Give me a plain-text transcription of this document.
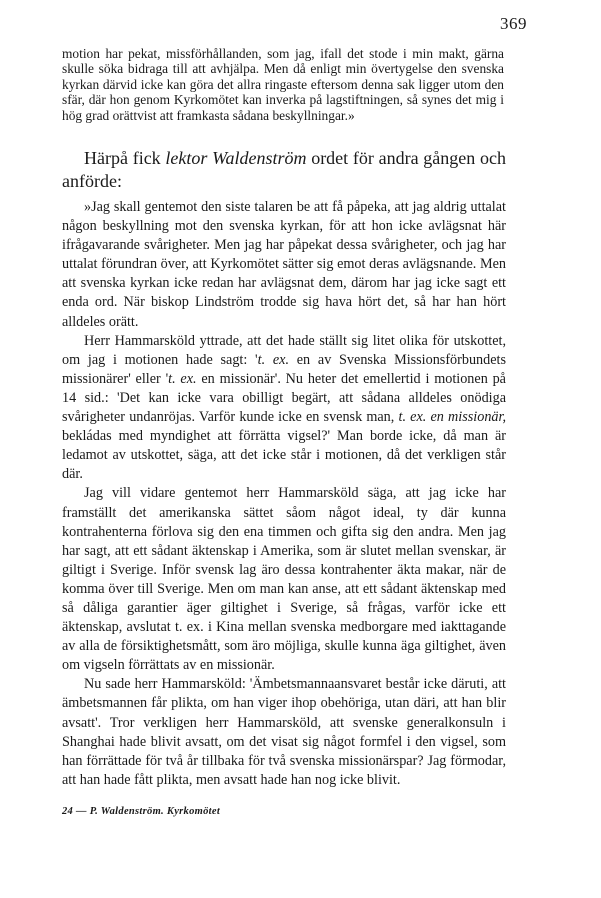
369

motion har pekat, missförhållanden, som jag, ifall det stode i min makt, gärna skulle söka bidraga till att avhjälpa. Men då enligt min övertygelse den svenska kyrkan därvid icke kan göra det allra ringaste eftersom denna sak ligger utom den sfär, där hon genom Kyrkomötet kan inverka på lagstiftningen, så synes det mig i hög grad orättvist att framkasta sådana beskyllningar.»

Härpå fick lektor Waldenström ordet för andra gången och anförde:

»Jag skall gentemot den siste talaren be att få påpeka, att jag aldrig uttalat någon beskyllning mot den svenska kyrkan, för att hon icke avlägsnat här ifrågavarande svårigheter. Men jag har påpekat dessa svårigheter, och jag har uttalat förundran över, att Kyrkomötet sätter sig emot deras avlägsnande. Men att svenska kyrkan icke redan har avlägsnat dem, därom har jag icke sagt ett enda ord. När biskop Lindström trodde sig hava hört det, så har han hört alldeles orätt.

Herr Hammarsköld yttrade, att det hade ställt sig litet olika för utskottet, om jag i motionen hade sagt: 't. ex. en av Svenska Missionsförbundets missionärer' eller 't. ex. en missionär'. Nu heter det emellertid i motionen på 14 sid.: 'Det kan icke vara obilligt begärt, att sådana alldeles onödiga svårigheter undanröjas. Varför kunde icke en svensk man, t. ex. en missionär, bekládas med myndighet att förrätta vigsel?' Man borde icke, då man är ledamot av utskottet, säga, att det icke står i motionen, då det verkligen står där.

Jag vill vidare gentemot herr Hammarsköld säga, att jag icke har framställt det amerikanska sättet såom något ideal, ty där kunna kontrahenterna förlova sig den ena timmen och gifta sig den andra. Men jag har sagt, att ett sådant äktenskap i Amerika, som är slutet mellan svenskar, är giltigt i Sverige. Inför svensk lag äro dessa kontrahenter äkta makar, när de komma över till Sverige. Men om man kan anse, att ett sådant äktenskap med så dåliga garantier äger giltighet i Sverige, så frågas, varför icke ett äktenskap, avslutat t. ex. i Kina mellan svenska medborgare med iakttagande av alla de försiktighetsmått, som äro möjliga, skulle kunna äga giltighet, även om vigseln förrättats av en missionär.

Nu sade herr Hammarsköld: 'Ämbetsmannaansvaret består icke däruti, att ämbetsmannen får plikta, om han viger ihop obehöriga, utan däri, att han blir avsatt'. Tror verkligen herr Hammarsköld, att svenske generalkonsuln i Shanghai hade blivit avsatt, om det visat sig något formfel i den vigsel, som han förrättade för två år tillbaka för två svenska missionärspar? Jag förmodar, att han hade fått plikta, men avsatt hade han nog icke blivit.

24 — P. Waldenström. Kyrkomötet
